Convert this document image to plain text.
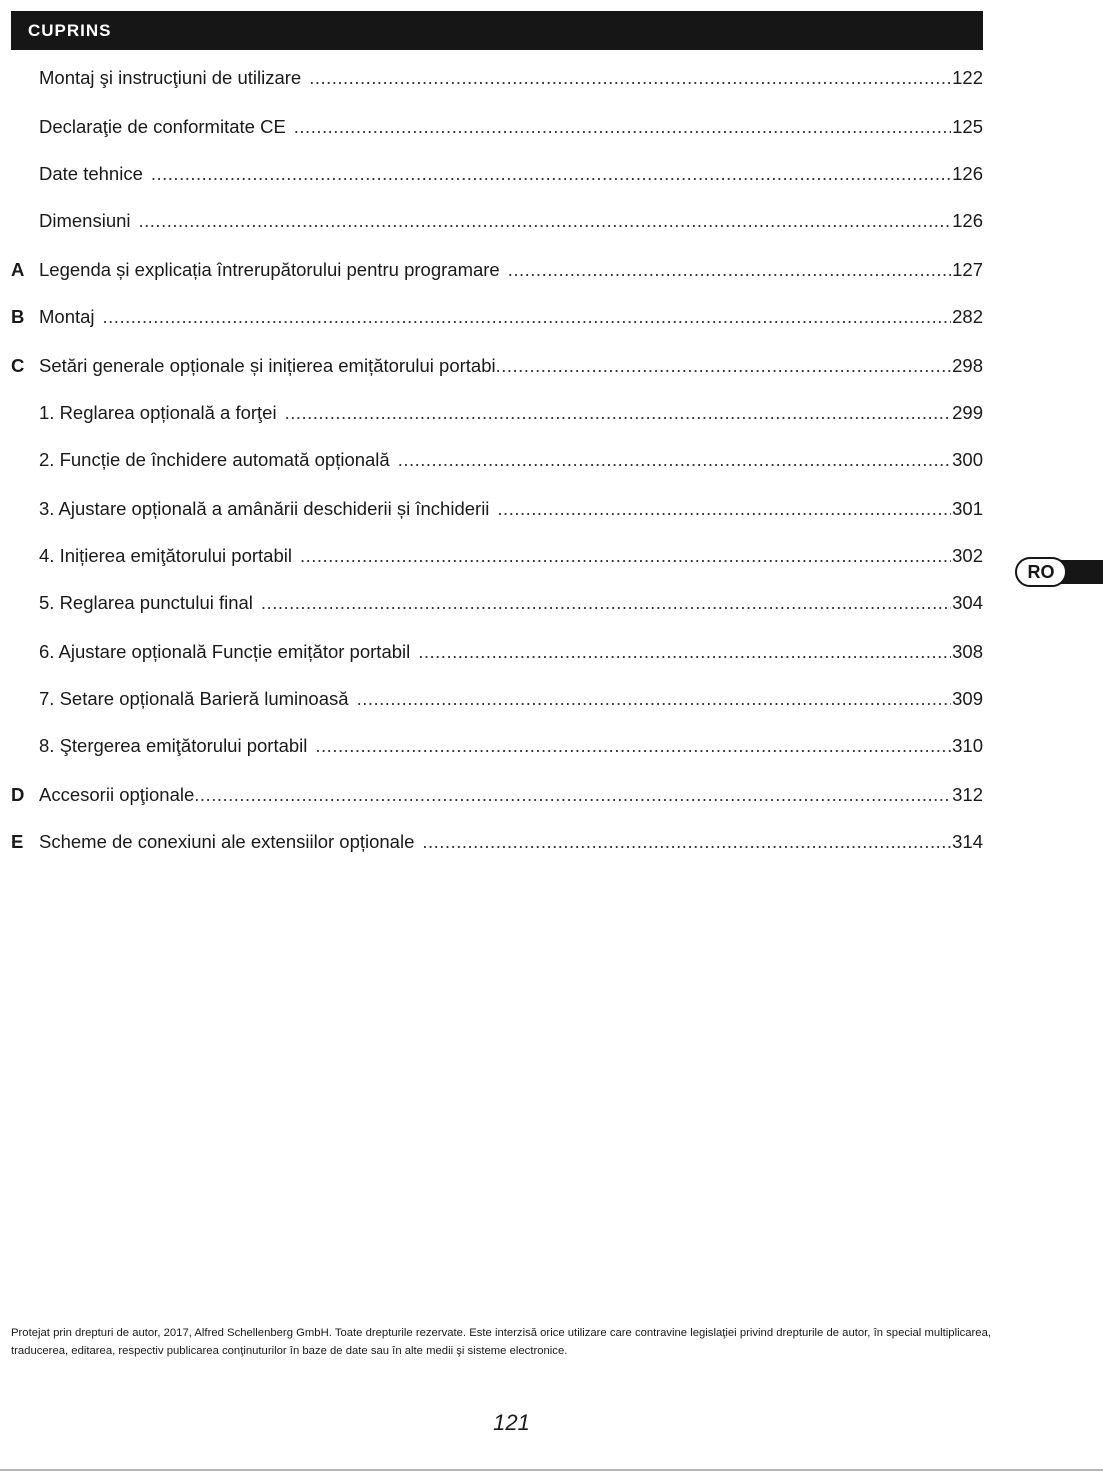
CUPRINS
Montaj şi instrucţiuni de utilizare .....	122
Declaraţie de conformitate CE .....	125
Date tehnice .....	126
Dimensiuni .....	126
A Legenda și explicația întrerupătorului pentru programare .....	127
B Montaj .....	282
C Setări generale opționale și inițierea emițătorului portabi .....	298
1. Reglarea opțională a forţei .....	299
2. Funcție de închidere automată opțională .....	300
3. Ajustare opțională a amânării deschiderii și închiderii .....	301
4. Inițierea emiţătorului portabil .....	302
5. Reglarea punctului final .....	304
6. Ajustare opțională Funcție emițător portabil .....	308
7. Setare opțională Barieră luminoasă .....	309
8. Ştergerea emiţătorului portabil .....	310
D Accesorii opţionale .....	312
E Scheme de conexiuni ale extensiilor opționale .....	314
RO
Protejat prin drepturi de autor, 2017, Alfred Schellenberg GmbH. Toate drepturile rezervate. Este interzisă orice utilizare care contravine legislaţiei privind drepturile de autor, în special multiplicarea, traducerea, editarea, respectiv publicarea conţinuturilor în baze de date sau în alte medii şi sisteme electronice.
121
